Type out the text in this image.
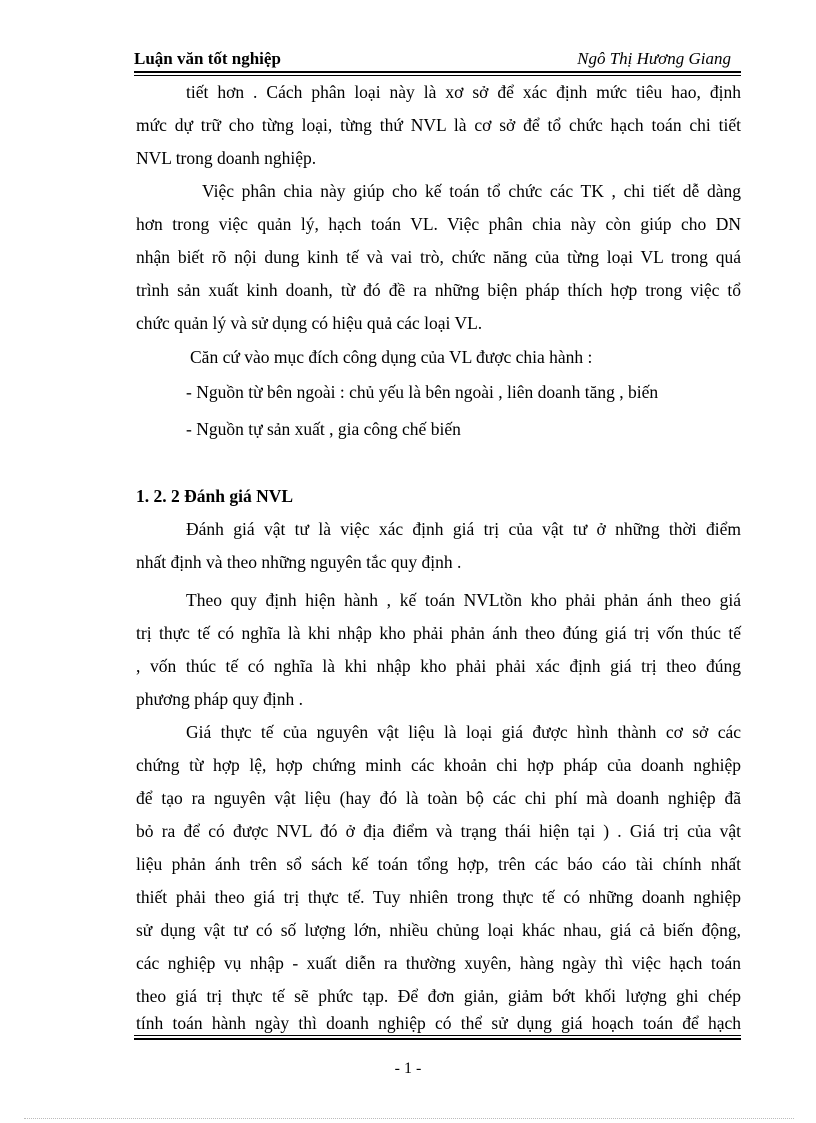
Luận văn tốt nghiệp	Ngô Thị Hương Giang
tiết hơn . Cách phân loại này là xơ sở để xác định mức tiêu hao, định
mức dự trữ cho từng loại, từng thứ NVL là cơ sở để tổ chức hạch toán chi tiết
NVL trong doanh nghiệp.
Việc phân chia này giúp cho kế toán tổ chức các TK , chi tiết dễ dàng
hơn trong việc quản lý, hạch toán VL. Việc phân chia này còn giúp cho DN
nhận biết rõ nội dung kinh tế và vai trò, chức năng của từng loại VL trong quá
trình sản xuất kinh doanh, từ đó đề ra những biện pháp thích hợp trong việc tổ
chức quản lý và sử dụng có hiệu quả các loại VL.
Căn cứ vào mục đích công dụng của VL được chia hành :
- Nguồn từ bên ngoài : chủ yếu là bên ngoài , liên doanh tăng , biến
- Nguồn tự sản xuất , gia công chế biến
1. 2. 2 Đánh giá NVL
Đánh giá vật tư là việc xác định giá trị của vật tư ở những thời điểm
nhất định và theo những nguyên tắc quy định .
Theo quy định hiện hành , kế toán NVLtồn kho phải phản ánh theo giá
trị thực tế có nghĩa là khi nhập kho phải phản ánh theo đúng giá trị vốn thúc tế
, vốn thúc tế có nghĩa là khi nhập kho phải phải xác định giá trị theo đúng
phương pháp quy định .
Giá thực tế của nguyên vật liệu là loại giá được hình thành cơ sở các
chứng từ hợp lệ, hợp chứng minh các khoản chi hợp pháp của doanh nghiệp
để tạo ra nguyên vật liệu (hay đó là toàn bộ các chi phí mà doanh nghiệp đã
bỏ ra để có được NVL đó ở địa điểm và trạng thái hiện tại ) . Giá trị của vật
liệu phản ánh trên sổ sách kế toán tổng hợp, trên các báo cáo tài chính nhất
thiết phải theo giá trị thực tế. Tuy nhiên trong thực tế có những doanh nghiệp
sử dụng vật tư có số lượng lớn, nhiều chủng loại khác nhau, giá cả biến động,
các nghiệp vụ nhập - xuất diễn ra thường xuyên, hàng ngày thì việc hạch toán
theo giá trị thực tế sẽ phức tạp. Để đơn giản, giảm bớt khối lượng ghi chép
tính toán hành ngày thì doanh nghiệp có thể sử dụng giá hoạch toán để hạch
- 1 -
